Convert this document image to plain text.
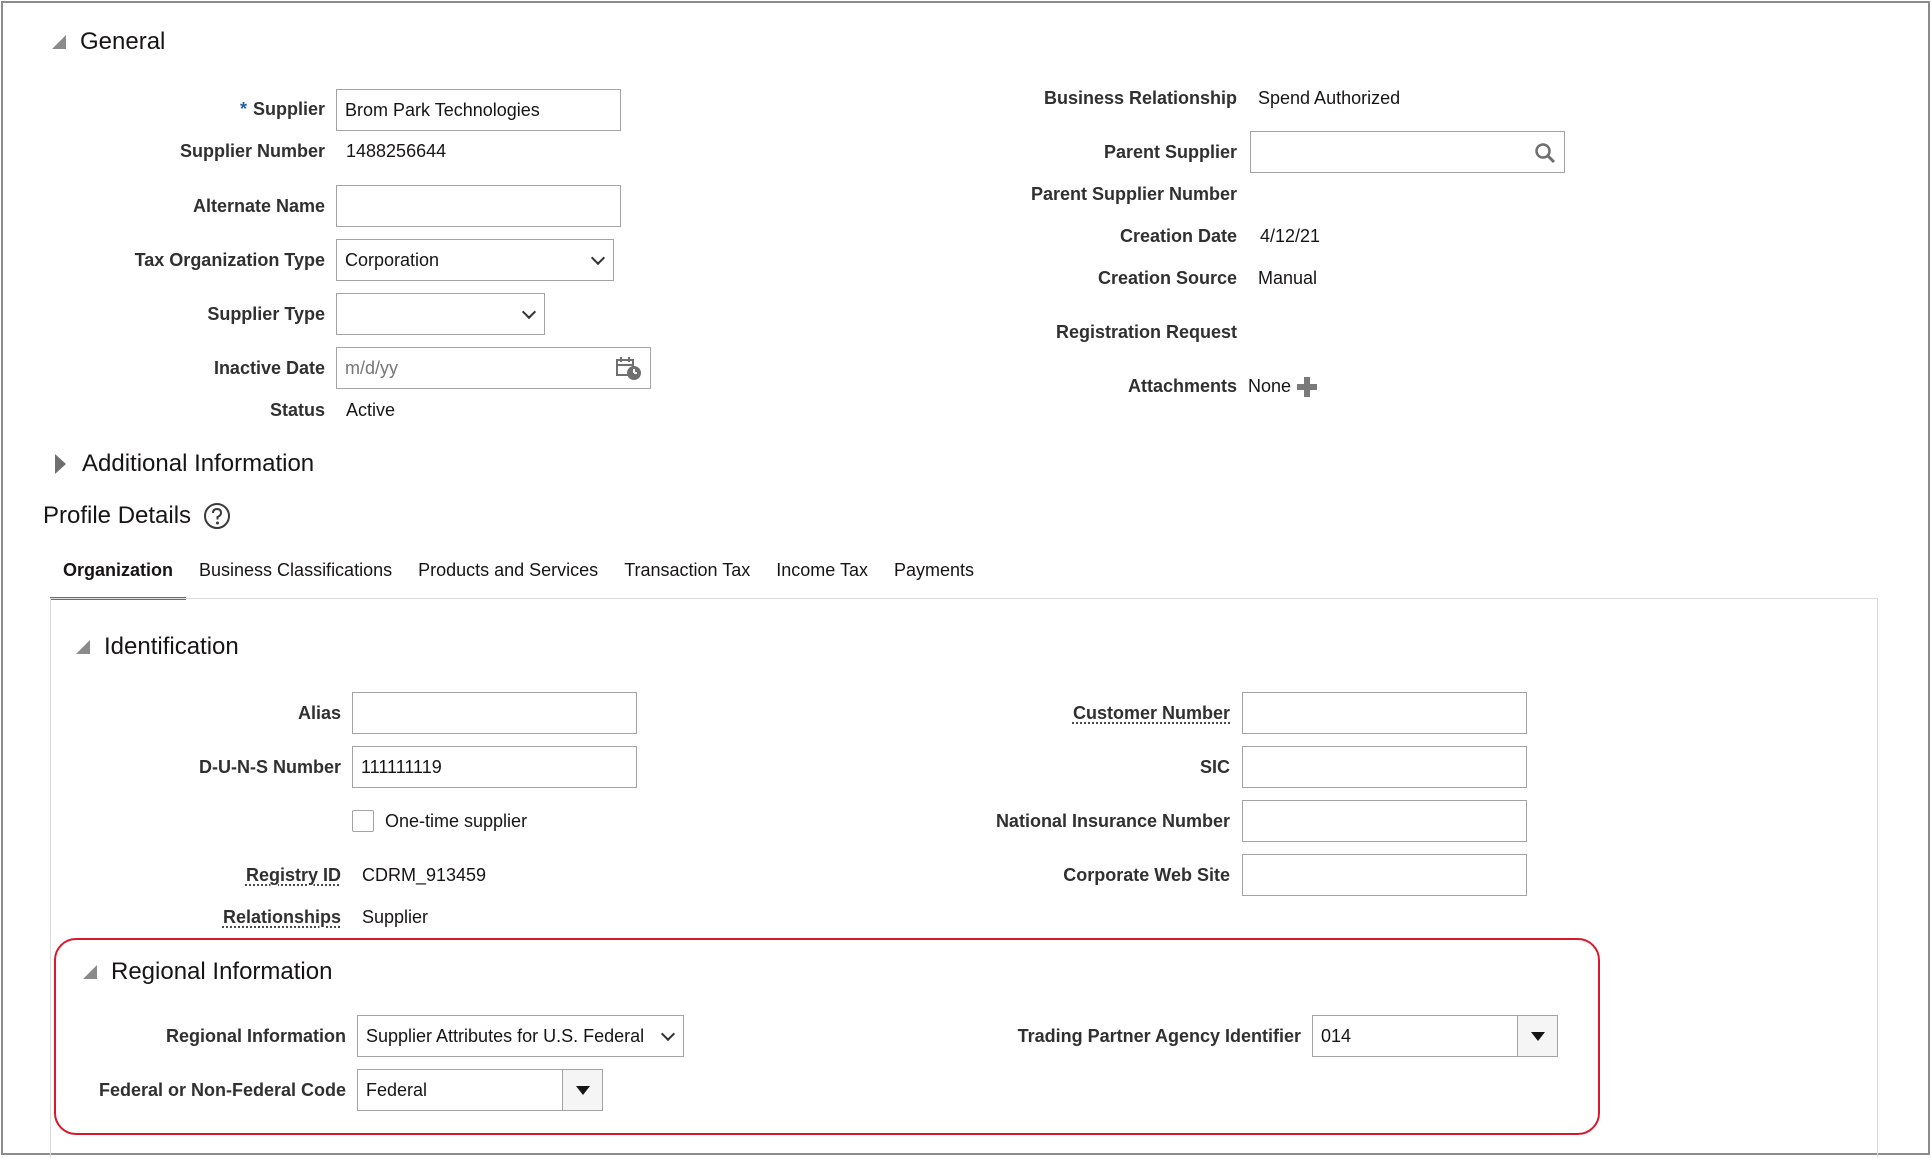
General
* Supplier Brom Park Technologies
Supplier Number 1488256644
Alternate Name
Tax Organization Type Corporation
Supplier Type
Inactive Date m/d/yy
Status Active
Business Relationship Spend Authorized
Parent Supplier
Parent Supplier Number
Creation Date 4/12/21
Creation Source Manual
Registration Request
Attachments None
Additional Information
Profile Details
Organization	Business Classifications	Products and Services	Transaction Tax	Income Tax	Payments
Identification
Alias
D-U-N-S Number 111111119
One-time supplier
Registry ID CDRM_913459
Relationships Supplier
Customer Number
SIC
National Insurance Number
Corporate Web Site
Regional Information
Regional Information Supplier Attributes for U.S. Federal
Federal or Non-Federal Code Federal
Trading Partner Agency Identifier 014
